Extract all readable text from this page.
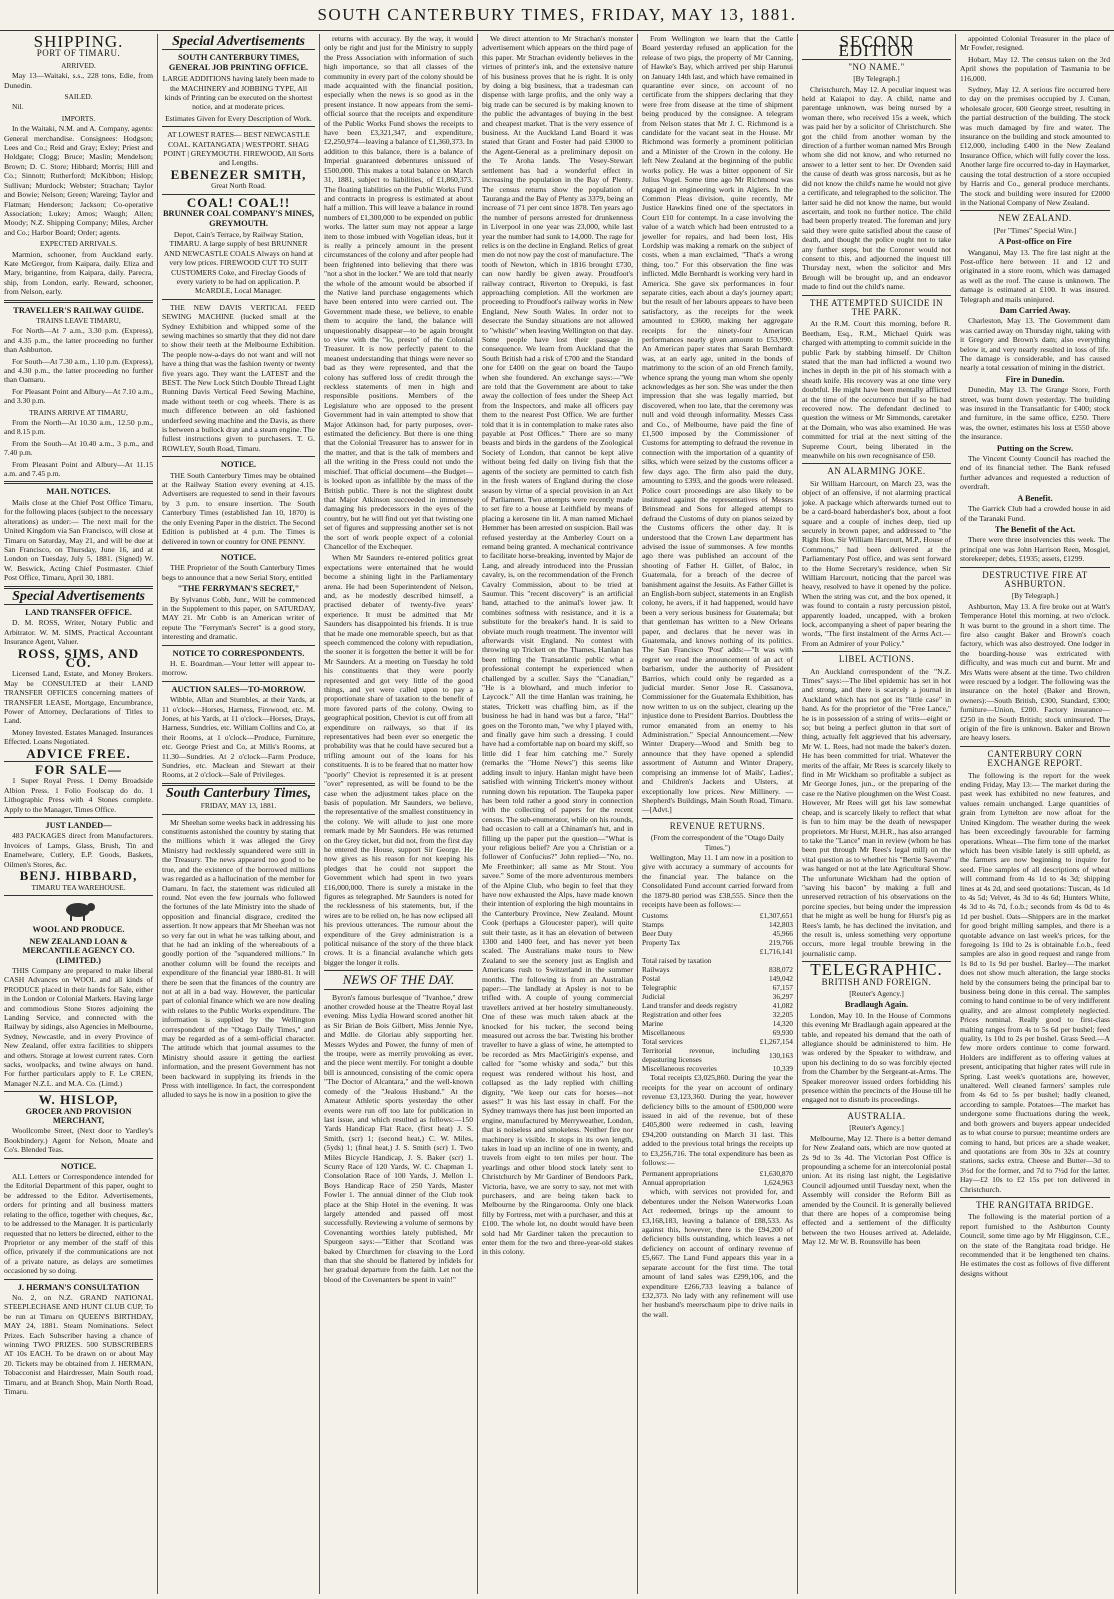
SOUTH CANTERBURY TIMES, FRIDAY, MAY 13, 1881.
SHIPPING.
PORT OF TIMARU.
ARRIVED.

May 13—Waitaki, s.s., 228 tons, Edie, from Dunedin.

SAILED.

Nil.

IMPORTS.

In the Waitaki, N.M. and A. Company, agents: General merchandise. Consignees: Hodgson; Lees and Co.; Reid and Gray; Exley; Priest and Holdgate; Clogg; Bruce; Maslin; Mendelson; Brown; D. C. Store; Hibbard; Morris; Hill and Co.; Sinnott; Rutherford; McKibbon; Hislop; Sullivan; Murdock; Webster; Strachan; Taylor and Bowie; Nelson; Green; Wareing; Taylor and Flatman; Henderson; Jackson; Co-operative Association; Lukey; Amos; Waugh; Allen; Moody; N.Z. Shipping Company; Miles, Archer and Co.; Harbor Board; Order; agents.

EXPECTED ARRIVALS.

Marmion, schooner, from Auckland early. Kate McGregor, from Kaipara, daily. Eliza and Mary, brigantine, from Kaipara, daily. Parecra, ship, from London, early. Reward, schooner, from Nelson, early.

TRAVELLER'S RAILWAY GUIDE.
TRAINS LEAVE TIMARU,

For North—At 7 a.m., 3.30 p.m. (Express), and 4.35 p.m., the latter proceeding no further than Ashburton.

For South—At 7.30 a.m., 1.10 p.m. (Express), and 4.30 p.m., the latter proceeding no further than Oamaru.

For Pleasant Point and Albury—At 7.10 a.m., and 3.30 p.m.

TRAINS ARRIVE AT TIMARU,

From the North—At 10.30 a.m., 12.50 p.m., and 8.15 p.m.

From the South—At 10.40 a.m., 3 p.m., and 7.40 p.m.

From Pleasant Point and Albury—At 11.15 a.m. and 7.45 p.m.

MAIL NOTICES.

Mails close at the Chief Post Office Timaru, for the following places (subject to the necessary alterations) as under:— The next mail for the United Kingdom via San Francisco, will close at Timaru on Saturday, May 21, and will be due at San Francisco, on Thursday, June 16, and at London on Tuesday, July 5, 1881. (Signed) W. W. Beswick, Acting Chief Postmaster. Chief Post Office, Timaru, April 30, 1881.

Special Advertisements
LAND TRANSFER OFFICE.

D. M. ROSS, Writer, Notary Public and Arbitrator. W. M. SIMS, Practical Accountant Insurance Agent, Valuer.

ROSS, SIMS, AND CO.

Licensed Land, Estate, and Money Brokers. May be CONSULTED at their LAND TRANSFER OFFICES concerning matters of TRANSFER LEASE, Mortgage, Encumbrance, Power of Attorney, Declarations of Titles to Land.

Money Invested. Estates Managed. Insurances Effected. Loans Negotiated.

ADVICE FREE.
FOR SALE—

1 Super Royal Press. 1 Demy Broadside Albion Press. 1 Folio Foolscap do do. 1 Lithographic Press with 4 Stones complete. Apply to the Manager, Times Office.

JUST LANDED—

483 PACKAGES direct from Manufacturers. Invoices of Lamps, Glass, Brush, Tin and Enamelware, Cutlery, E.P. Goods, Baskets, Oilmen's Stores, &c.

BENJ. HIBBARD,
TIMARU TEA WAREHOUSE.
WOOL AND PRODUCE.
NEW ZEALAND LOAN & MERCANTILE AGENCY CO. (LIMITED.)

THIS Company are prepared to make liberal CASH Advances on WOOL and all kinds of PRODUCE placed in their hands for Sale, either in the London or Colonial Markets. Having large and commodious Stone Stores adjoining the Landing Service, and connected with the Railway by sidings, also Agencies in Melbourne, Sydney, Newcastle, and in every Province of New Zealand, offer extra facilities to shippers and others. Storage at lowest current rates. Corn sacks, woolpacks, and twine always on hand. For further particulars apply to F. Le CREN, Manager N.Z.L. and M.A. Co. (Limd.)

W. HISLOP,
GROCER AND PROVISION MERCHANT,

Woollcombe Street, (Next door to Yardley's Bookbindery.) Agent for Nelson, Moate and Co's. Blended Teas.

NOTICE.

ALL Letters or Correspondence intended for the Editorial Department of this paper, ought to be addressed to the Editor. Advertisements, orders for printing and all business matters relating to the office, together with cheques, &c, to be addressed to the Manager. It is particularly requested that no letters be directed, either to the Proprietor or any member of the staff of this office, privately if the communications are not of a private nature, as delays are sometimes occasioned by so doing.

J. HERMAN'S CONSULTATION

No. 2, on N.Z. GRAND NATIONAL STEEPLECHASE AND HUNT CLUB CUP, To be run at Timaru on QUEEN'S BIRTHDAY, MAY 24, 1881. Steam Nominations. Select Prizes. Each Subscriber having a chance of winning TWO PRIZES. 500 SUBSCRIBERS AT 10s EACH. To be drawn on or about May 20. Tickets may be obtained from J. HERMAN, Tobacconist and Hairdresser, Main South road, Timaru, and at Branch Shop, Main North Road, Timaru.

Special Advertisements
SOUTH CANTERBURY TIMES, GENERAL JOB PRINTING OFFICE.

LARGE ADDITIONS having lately been made to the MACHINERY and JOBBING TYPE, All kinds of Printing can be executed on the shortest notice, and at moderate prices.

Estimates Given for Every Description of Work.

AT LOWEST RATES— BEST NEWCASTLE COAL. KAITANGATA | WESTPORT. SHAG POINT | GREYMOUTH. FIREWOOD, All Sorts and Lengths.

EBENEZER SMITH,
Great North Road.
COAL! COAL!!
BRUNNER COAL COMPANY'S MINES, GREYMOUTH.

Depot, Cain's Terrace, by Railway Station, TIMARU. A large supply of best BRUNNER AND NEWCASTLE COALS Always on hand at very low prices. FIREWOOD CUT TO SUIT CUSTOMERS Coke, and Fireclay Goods of every variety to be had on application. P. McARDLE, Local Manager.

THE NEW DAVIS VERTICAL FEED SEWING MACHINE (lucked small at the Sydney Exhibition and whipped some of the sewing machines so smartly that they did not dare to show their teeth at the Melbourne Exhibition. The people now-a-days do not want and will not have a thing that was the fashion twenty or twenty five years ago. They want the LATEST and the BEST. The New Lock Stitch Double Thread Light Running Davis Vertical Feed Sewing Machine, made without teeth or cog wheels. There is as much difference between an old fashioned underfeed sewing machine and the Davis, as there is between a bullock dray and a steam engine. The fullest instructions given to purchasers. T. G. ROWLEY, South Road, Timaru.

NOTICE.

THE South Canterbury Times may be obtained at the Railway Station every evening at 4.15. Advertisers are requested to send in their favours by 3 p.m. to ensure insertion. The South Canterbury Times (established Jan 10, 1870) is the only Evening Paper in the district. The Second Edition is published at 4 p.m. The Times is delivered in town or country for ONE PENNY.

NOTICE.

THE Proprietor of the South Canterbury Times begs to announce that a new Serial Story, entitled

"THE FERRYMAN'S SECRET,"

By Sylvanus Cobb, Junr., Will be commenced in the Supplement to this paper, on SATURDAY, MAY 21. Mr Cobb is an American writer of repute The "Ferryman's Secret" is a good story, interesting and dramatic.

NOTICE TO CORRESPONDENTS.

H. E. Boardman.—Your letter will appear to-morrow.

AUCTION SALES—TO-MORROW.

Wibble, Allan and Stumbles, at their Yards, at 11 o'clock—Horses, Harness, Firewood, etc. M. Jones, at his Yards, at 11 o'clock—Horses, Drays, Harness, Sundries, etc. William Collins and Co, at their Rooms, at 1 o'clock—Produce, Furniture, etc. George Priest and Co, at Mills's Rooms, at 11.30—Sundries. At 2 o'clock—Farm Produce, Sundries, etc. Maclean and Stewart at their Rooms, at 2 o'clock—Sale of Privileges.

South Canterbury Times,
FRIDAY, MAY 13, 1881.

Mr Sheehan some weeks back in addressing his constituents astonished the country by stating that the millions which it was alleged the Grey Ministry had recklessly squandered were still in the Treasury. The news appeared too good to be true, and the existence of the borrowed millions was regarded as a hallucination of the member for Oamaru. In fact, the statement was ridiculed all round. Not even the few journals who followed the fortunes of the late Ministry into the shade of opposition and financial disgrace, credited the assertion. It now appears that Mr Sheehan was not so very far out in what he was talking about, and that he had an inkling of the whereabouts of a goodly portion of the "squandered millions." In another column will be found the receipts and expenditure of the financial year 1880-81. It will there be seen that the finances of the country are not at all in a bad way. However, the particular part of colonial finance which we are now dealing with relates to the Public Works expenditure. The information is supplied by the Wellington correspondent of the "Otago Daily Times," and may be regarded as of a semi-official character. The attitude which that journal assumes to the Ministry should assure it getting the earliest information, and the present Government has not been backward in supplying its friends in the Press with intelligence. In fact, the correspondent alluded to says he is now in a position to give the

returns with accuracy. By the way, it would only be right and just for the Ministry to supply the Press Association with information of such high importance, so that all classes of the community in every part of the colony should be made acquainted with the financial position, especially when the news is so good as in the present instance. It now appears from the semi-official source that the receipts and expenditure of the Public Works Fund shows the receipts to have been £3,321,347, and expenditure, £2,250,974—leaving a balance of £1,360,373. In addition to this balance, there is a balance of Imperial guaranteed debentures unissued of £500,000. This makes a total balance on March 31, 1881, subject to liabilities, of £1,860,373. The floating liabilities on the Public Works Fund and contracts in progress is estimated at about half a million. This will leave a balance in round numbers of £1,300,000 to be expended on public works. The latter sum may not appear a large item to those imbued with Vogelian ideas, but it is really a princely amount in the present circumstances of the colony and after people had been frightened into believing that there was "not a shot in the locker." We are told that nearly the whole of the amount would be absorbed if the Native land purchase engagements which have been entered into were carried out. The Government made these, we believe, to enable them to acquire the land, the balance will unquestionably disappear—to be again brought to view with the "lo, presto" of the Colonial Treasurer. It is now perfectly patent to the meanest understanding that things were never so bad as they were represented, and that the colony has suffered loss of credit through the reckless statements of men in high and responsible positions. Members of the Legislature who are opposed to the present Government had in vain attempted to show that Major Atkinson had, for party purposes, over-estimated the deficiency. But there is one thing that the Colonial Treasurer has to answer for in the matter, and that is the talk of members and all the writing in the Press could not undo the mischief. That official document—the Budget—is looked upon as infallible by the mass of the British public. There is not the slightest doubt that Major Atkinson succeeded in immensely damaging his predecessors in the eyes of the country, but he will find out yet that twisting one set of figures and suppressing another set is not the sort of work people expect of a colonial Chancellor of the Exchequer.

When Mr Saunders re-entered politics great expectations were entertained that he would become a shining light in the Parliamentary arena. He had been Superintendent of Nelson, and, as he modestly described himself, a practised debater of twenty-five years' experience. It must be admitted that Mr Saunders has disappointed his friends. It is true that he made one memorable speech, but as that speech commenced the colony with repudiation, the sooner it is forgotten the better it will be for Mr Saunders. At a meeting on Tuesday he told his constituents that they were poorly represented and got very little of the good things, and yet were called upon to pay a proportionate share of taxation to the benefit of more favored parts of the colony. Owing to geographical position, Cheviot is cut off from all expenditure on railways, so that if its representatives had been ever so energetic the probability was that he could have secured but a trifling amount out of the loans for his constituents. It is to be feared that no matter how "poorly" Cheviot is represented it is at present "over" represented, as will be found to be the case when the adjustment takes place on the basis of population. Mr Saunders, we believe, the representative of the smallest constituency in the colony. We will allude to just one more remark made by Mr Saunders. He was returned on the Grey ticket, but did not, from the first day he entered the House, support Sir George. He now gives as his reason for not keeping his pledges that he could not support the Government which had spent in two years £16,000,000. There is surely a mistake in the figures as telegraphed. Mr Saunders is noted for the recklessness of his statements, but, if the wires are to be relied on, he has now eclipsed all his previous utterances. The rumour about the expenditure of the Grey administration is a political nuisance of the story of the three black crows. It is a financial avalanche which gets bigger the longer it rolls.

NEWS OF THE DAY.

Byron's famous burlesque of "Ivanhoe," drew another crowded house at the Theatre Royal last evening. Miss Lydia Howard scored another hit as Sir Brian de Bois Gilbert, Miss Jennie Nye, and Mdlle. de Gloriau ably supporting her. Messrs Wydes and Power, the funny of men of the troupe, were as merrily provoking as ever, and the piece went merrily. For tonight a double bill is announced, consisting of the comic opera "The Doctor of Alcantara," and the well-known comedy of the "Jealous Husband." At the Amateur Athletic sports yesterday the other events were run off too late for publication in last issue, and which resulted as follows:—150 Yards Handicap Flat Race, (first heat) J. S. Smith, (scr) 1; (second heat,) C. W. Miles, (5yds) 1; (final heat,) J. S. Smith (scr) 1. Two Miles Bicycle Handicap, J. S. Baker (scr) 1. Scurry Race of 120 Yards, W. C. Chapman 1. Consolation Race of 100 Yards, J. Mellon 1. Boys Handicap Race of 250 Yards, Master Fowler 1. The annual dinner of the Club took place at the Ship Hotel in the evening. It was largely attended and passed off most successfully. Reviewing a volume of sermons by Covenanting worthies lately published, Mr Spurgeon says:—"Either that Scotland was baked by Churchmen for cleaving to the Lord than that she should be flattered by infidels for her gradual departure from the faith. Let not the blood of the Covenanters be spent in vain!"

We direct attention to Mr Strachan's monster advertisement which appears on the third page of this paper. Mr Strachan evidently believes in the virtues of printer's ink, and the extensive nature of his business proves that he is right. It is only by doing a big business, that a tradesman can dispense with large profits, and the only way a big trade can be secured is by making known to the public the advantages of buying in the best and cheapest market. That is the very essence of business. At the Auckland Land Board it was stated that Grant and Foster had paid £3000 to the Agent-General as a preliminary deposit on the Te Aroha lands. The Vesey-Stewart settlement has had a wonderful effect in increasing the population in the Bay of Plenty. The census returns show the population of Tauranga and the Bay of Plenty as 3379, being an increase of 71 per cent since 1878. Ten years ago the number of persons arrested for drunkenness in Liverpool in one year was 23,000, while last year the number had sunk to 14,000. The rage for relics is on the decline in England. Relics of great men do not now pay the cost of manufacture. The tooth of Newton, which in 1816 brought £730, can now hardly be given away. Proudfoot's railway contract, Riverton to Orepuki, is fast approaching completion. All the workmen are proceeding to Proudfoot's railway works in New England, New South Wales. In order not to desecrate the Sunday situations are not allowed to "whistle" when leaving Wellington on that day. Some people have lost their passage in consequence. We learn from Auckland that the South British had a risk of £700 and the Standard one for £400 on the gear on board the Taupo when she foundered. An exchange says:—"We are told that the Government are about to take away the collection of fees under the Sheep Act from the Inspectors, and make all officers pay them to the nearest Post Office. We are further told that it is in contemplation to make rates also payable at Post Offices." There are so many beasts and birds in the gardens of the Zoological Society of London, that cannot be kept alive without being fed daily on living fish that the agents of the society are permitted to catch fish in the fresh waters of England during the close season by virtue of a special provision in an Act of Parliament. Two attempts were recently made to set fire to a house at Leithfield by means of placing a kerosene tin lit. A man named Michael Hemmer has been arrested on suspicion. Bail was refused yesterday at the Amberley Court on a remand being granted. A mechanical contrivance to facilitate horse-breaking, invented by Major de Lang, and already introduced into the Prussian cavalry, is, on the recommendation of the French Cavalry Commission, about to be tried at Saumur. This "recent discovery" is an artificial hand, attached to the animal's lower jaw. It combines softness with resistance, and it is a substitute for the breaker's hand. It is said to obviate much rough treatment. The inventor will afterwards visit England. No contest with throwing up Trickett on the Thames, Hanlan has been telling the Transatlantic public what a professional contempt he experienced when challenged by a sculler. Says the "Canadian," "He is a blowhard, and much inferior to Laycock." All the time Hanlan was training, he states, Trickett was chaffing him, as if the business he had in hand was but a farce, "Ha!" goes on the Toronto man, "we why I played with, and finally gave him such a dressing. I could have had a comfortable nap on board my skiff, so little did I fear him catching me." Surely (remarks the "Home News") this seems like adding insult to injury. Hanlan might have been satisfied with winning Trickett's money without running down his reputation. The Taupeka paper has been told rather a good story in connection with the collecting of papers for the recent census. The sub-enumerator, while on his rounds, had occasion to call at a Chinaman's hut, and in filling up the paper put the question—"What is your religious belief? Are you a Christian or a follower of Confucius?" John replied—"No, no. Me Freethinker; all same as Mr Stout. You savee." Some of the more adventurous members of the Alpine Club, who begin to feel that they have now exhausted the Alps, have made known their intention of exploring the high mountains in the Canterbury Province, New Zealand. Mount Cook (perhaps a Gloucester paper), will quite suit their taste, as it has an elevation of between 1300 and 1400 feet, and has never yet been scaled. The Australians make tours to New Zealand to see the scenery just as English and Americans rush to Switzerland in the summer months. The following is from an Australian paper:—The landlady at Apsley is not to be trifled with. A couple of young commercial travellers arrived at her hostelry simultaneously. One of these was much taken aback at the knocked for his tucker, the second being measured out across the bar. Twisting his brother traveller to have a glass of wine, he attempted to be recorded as Mrs MacGirigin's expense, and called for "some whisky and soda," but this request was rendered without his host, and collapsed as the lady replied with chilling dignity, "We keep our cats for horses—not asses!" It was his last essay in chaff. For the Sydney tramways there has just been imported an engine, manufactured by Merryweather, London, that is noiseless and smokeless. Neither fire nor machinery is visible. It stops in its own length, takes in load up an incline of one in twenty, and travels from eight to ten miles per hour. The yearlings and other blood stock lately sent to Christchurch by Mr Gardiner of Bendoors Park, Victoria, have, we are sorry to say, not met with purchasers, and are being taken back to Melbourne by the Ringarooma. Only one black filly by Fortress, met with a purchaser, and this at £100. The whole lot, no doubt would have been sold had Mr Gardiner taken the precaution to enter them for the two and three-year-old stakes in this colony.

From Wellington we learn that the Cattle Board yesterday refused an application for the release of two pigs, the property of Mr Canning, of Hawke's Bay, which arrived per ship Harunui on January 14th last, and which have remained in quarantine ever since, on account of no certificate from the shippers declaring that they were free from disease at the time of shipment being produced by the consignee. A telegram from Nelson states that Mr J. C. Richmond is a candidate for the vacant seat in the House. Mr Richmond was formerly a prominent politician and a Minister of the Crown in the colony. He left New Zealand at the beginning of the public works policy. He was a bitter opponent of Sir Julius Vogel. Some time ago Mr Richmond was engaged in engineering work in Algiers. In the Common Pleas division, quite recently, Mr Justice Hawkins fined one of the spectators in Court £10 for contempt. In a case involving the value of a watch which had been entrusted to a jeweller for repairs, and had been lost, His Lordship was making a remark on the subject of costs, when a man exclaimed, "That's a wrong thing, too." For this observation the fine was inflicted. Mdle Bernhardt is working very hard in America. She gave six performances in four separate cities, each about a day's journey apart; but the result of her labours appears to have been satisfactory, as the receipts for the week amounted to £3600, making her aggregate receipts for the ninety-four American performances nearly given amount to £53,990. An American paper states that Sarah Bernhardt was, at an early age, united in the bonds of matrimony to the scion of an old French family, whence sprang the young man whom she openly acknowledges as her son. She was under the then impression that she was legally married, but discovered, when too late, that the ceremony was null and void through informality. Messrs Cass and Co., of Melbourne, have paid the fine of £1,500 imposed by the Commissioner of Customs for attempting to defraud the revenue in connection with the importation of a quantity of silks, which were seized by the customs officer a few days ago. The firm also paid the duty, amounting to £393, and the goods were released. Police court proceedings are also likely to be instituted against the representatives of Messrs Brinsmead and Sons for alleged attempt to defraud the Customs of duty on pianos seized by the Customs officers the other day. It is understood that the Crown Law department has advised the issue of summonses. A few months ago there was published an account of the shooting of Father H. Gillet, of Baloc, in Guatemala, for a breach of the decree of banishment against the Jesuits. As Father Gillet is an English-born subject, statements in an English colony, he avers, if it had happened, would have been a very serious business for Guatemala; but that gentleman has written to a New Orleans paper, and declares that he never was in Guatemala, and knows nothing of its politics. The San Francisco 'Post' adds:—"It was with regret we read the announcement of an act of barbarism, under the authority of President Barrios, which could only be regarded as a judicial murder. Senor Jose R. Cassanova, Commissioner for the Guatemala Exhibition, has now written to us on the subject, clearing up the injustice done to President Barrios. Doubtless the rumor emanated from an enemy to his Administration." Special Announcement.—New Winter Drapery—Wood and Smith beg to announce that they have opened a splendid assortment of Autumn and Winter Drapery, comprising an immense lot of Mails', Ladies', and Children's Jackets and Ulsters, at exceptionally low prices. New Millinery. —Shepherd's Buildings, Main South Road, Timaru.—[Advt.]

REVENUE RETURNS.
(From the correspondent of the "Otago Daily Times.")

Wellington, May 11. I am now in a position to give with accuracy a summary of accounts for the financial year. The balance on the Consolidated Fund account carried forward from the 1879-80 period was £38,555. Since then the receipts have been as follows:—

Customs	£1,307,651
Stamps	142,803
Beer Duty	45,966
Property Tax	219,766
	£1,716,141
Total raised by taxation	
Railways	838,072
Postal	149,042
Telegraphic	67,157
Judicial	36,297
Land transfer and deeds registry	41,082
Registration and other fees	32,205
Marine	14,320
Miscellaneous	69,930
Total services	£1,267,154
Territorial revenue, including depasturing licenses	130,163
Miscellaneous recoveries	10,339

Total receipts £3,025,860. During the year the receipts for the year on account of ordinary revenue £3,123,360. During the year, however deficiency bills to the amount of £500,000 were issued in aid of the revenue, but of these £405,800 were redeemed in cash, leaving £94,200 outstanding on March 31 last. This added to the previous total brings the receipts up to £3,256,716. The total expenditure has been as follows:—

Permanent appropriations	£1,630,870
Annual appropriation	1,624,963

which, with services not provided for, and debentures under the Nelson Waterworks Loan Act redeemed, brings up the amount to £3,168,183, leaving a balance of £88,533. As against this, however, there is the £94,200 of deficiency bills outstanding, which leaves a net deficiency on account of ordinary revenue of £5,667. The Land Fund appears this year in a separate account for the first time. The total amount of land sales was £299,106, and the expenditure £266,733 leaving a balance of £32,373. No lady with any refinement will use her husband's meerschaum pipe to drive nails in the wall.

SECOND EDITION
"NO NAME."
[By Telegraph.]

Christchurch, May 12. A peculiar inquest was held at Kaiapoi to day. A child, name and parentage unknown, was being nursed by a woman there, who received 15s a week, which was paid her by a solicitor of Christchurch. She got the child from another woman by the direction of a further woman named Mrs Brough whom she did not know, and who returned no answer to a letter sent to her. Dr Ovenden said the cause of death was gross narcosis, but as he did not know the child's name he would not give a certificate, and telegraphed to the solicitor. The latter said he did not know the name, but would ascertain, and took no further notice. The child had been properly treated. The foreman and jury said they were quite satisfied about the cause of death, and thought the police ought not to take any further steps, but the Coroner would not consent to this, and adjourned the inquest till Thursday next, when the solicitor and Mrs Brough will be brought up, and an endeavor made to find out the child's name.

THE ATTEMPTED SUICIDE IN THE PARK.

At the R.M. Court this morning, before R. Beetham, Esq., R.M., Michael Quirk was charged with attempting to commit suicide in the public Park by stabbing himself. Dr Chilton stated that the man had inflicted a wound two inches in depth in the pit of his stomach with a sheath knife. His recovery was at one time very doubtful. He might have been mentally afflicted at the time of the occurrence but if so he had recovered now. The defendant declined to question the witness or Mr Simmonds, caretaker at the Domain, who was also examined. He was committed for trial at the next sitting of the Supreme Court, being liberated in the meanwhile on his own recognisance of £50.

AN ALARMING JOKE.

Sir William Harcourt, on March 23, was the object of an offensive, if not alarming practical joke. A package which afterwards turned out to be a card-board haberdasher's box, about a foot square and a couple of inches deep, tied up securely in brown paper, and addressed to "the Right Hon. Sir William Harcourt, M.P., House of Commons," had been delivered at the Parliamentary Post office, and was sent forward to the Home Secretary's residence, when Sir William Harcourt, noticing that the parcel was heavy, resolved to have it opened by the police. When the string was cut, and the box opened, it was found to contain a rusty percussion pistol, apparently loaded, uncapped, with a broken lock, accompanying a sheet of paper bearing the words, "The first instalment of the Arms Act.—From an Admirer of your Policy."

LIBEL ACTIONS.

An Auckland correspondent of the "N.Z. Times" says:—The libel epidemic has set in hot and strong, and there is scarcely a journal in Auckland which has not got its "little case" in hand. As for the proprietor of the "Free Lance," he is in possession of a string of writs—eight or so; but being a perfect glutton in that sort of thing, actually felt aggrieved that his adversary, Mr W. L. Rees, had not made the baker's dozen. He has been committed for trial. Whatever the merits of the affair, Mr Rees is scarcely likely to find in Mr Wickham so profitable a subject as Mr George Jones, jun., or the preparing of the case re the Native ploughmen on the West Coast. However, Mr Rees will get his law somewhat cheap, and is scarcely likely to reflect that what is fun to him may be the death of newspaper proprietors. Mr Hurst, M.H.R., has also arranged to take the "Lance" man in review (whom he has been put through Mr Rees's legal mill) on the vital question as to whether his "Bertie Saverna" was hanged or not at the late Agricultural Show. The unfortunate Wickham had the option of "saving his bacon" by making a full and unreserved retraction of his observations on the porcine species, but being under the impression that he might as well be hung for Hurst's pig as Rees's lamb, he has declined the invitation, and the result is, unless something very opportune occurs, more legal trouble brewing in the journalistic camp.

TELEGRAPHIC.
BRITISH AND FOREIGN.
[Reuter's Agency.]
Bradlaugh Again.

London, May 10. In the House of Commons this evening Mr Bradlaugh again appeared at the table, and repeated his demand that the oath of allegiance should be administered to him. He was ordered by the Speaker to withdraw, and upon his declining to do so was forcibly ejected from the Chamber by the Sergeant-at-Arms. The Speaker moreover issued orders forbidding his presence within the precincts of the House till he engaged not to disturb its proceedings.

AUSTRALIA.
[Reuter's Agency.]

Melbourne, May 12. There is a better demand for New Zealand oats, which are now quoted at 2s 9d to 3s 4d. The Victorian Post Office is propounding a scheme for an intercolonial postal union. At its rising last night, the Legislative Council adjourned until Tuesday next, when the Assembly will consider the Reform Bill as amended by the Council. It is generally believed that there are hopes of a compromise being effected and a settlement of the difficulty between the two Houses arrived at. Adelaide, May 12. Mr W. B. Rounsville has been

appointed Colonial Treasurer in the place of Mr Fowler, resigned.

Hobart, May 12. The census taken on the 3rd April shows the population of Tasmania to be 116,000.

Sydney, May 12. A serious fire occurred here to day on the premises occupied by J. Cunan, wholesale grocer, 600 George street, resulting in the partial destruction of the building. The stock was much damaged by fire and water. The insurance on the building and stock amounted to £12,000, including £400 in the New Zealand Insurance Office, which will fully cover the loss. Another large fire occurred to-day in Haymarket, causing the total destruction of a store occupied by Harris and Co., general produce merchants. The stock and building were insured for £2000 in the National Company of New Zealand.

NEW ZEALAND.
[Per "Times" Special Wire.]
A Post-office on Fire

Wanganui, May 13. The fire last night at the Post-office here between 11 and 12 and originated in a store room, which was damaged as well as the roof. The cause is unknown. The damage is estimated at £100. It was insured. Telegraph and mails uninjured.

Dam Carried Away.

Charleston, May 13. The Government dam was carried away on Thursday night, taking with it Gregory and Brown's dam; also everything below it, and very nearly resulted in loss of life. The damage is considerable, and has caused nearly a total cessation of mining in the district.

Fire in Dunedin.

Dunedin, May 13. The Grange Store, Forth street, was burnt down yesterday. The building was insured in the Transatlantic for £400; stock and furniture, in the same office, £250. There was, the owner, estimates his loss at £550 above the insurance.

Putting on the Screw.

The Vincent County Council has reached the end of its financial tether. The Bank refused further advances and requested a reduction of overdraft.

A Benefit.

The Garrick Club had a crowded house in aid of the Taranaki Fund.

The Benefit of the Act.

There were three insolvencies this week. The principal one was John Harrison Reen, Mosgiel, storekeeper; debts, £1935; assets, £1299.

DESTRUCTIVE FIRE AT ASHBURTON.
[By Telegraph.]

Ashburton, May 13. A fire broke out at Watt's Temperance Hotel this morning, at two o'clock. It was burnt to the ground in a short time. The fire also caught Baker and Brown's coach factory, which was also destroyed. One lodger in the boarding-house was extricated with difficulty, and was much cut and burnt. Mr and Mrs Watts were absent at the time. Two children were rescued by a lodger. The following was the insurance on the hotel (Baker and Brown, owners):—South British, £300, Standard, £300; furniture—Union, £200. Factory insurance—£250 in the South British; stock uninsured. The origin of the fire is unknown. Baker and Brown are heavy losers.

CANTERBURY CORN EXCHANGE REPORT.

The following is the report for the week ending Friday, May 13:— The market during the past week has exhibited no new features, and values remain unchanged. Large quantities of grain from Lyttelton are now afloat for the United Kingdom. The weather during the week has been exceedingly favourable for farming operations. Wheat—The firm tone of the market which has been visible lately is still upheld, as the farmers are now beginning to inquire for seed. Fine samples of all descriptions of wheat will command from 4s 1d to 4s 3d; shipping lines at 4s 2d, and seed quotations: Tuscan, 4s 1d to 4s 5d; Velvet, 4s 3d to 4s 6d; Hunters White, 4s 3d to 4s 7d, f.o.b.; seconds from 4s 0d to 4s 1d per bushel. Oats—Shippers are in the market for good bright milling samples, and there is a quotable advance on last week's prices, for the foregoing 1s 10d to 2s is obtainable f.o.b., feed samples are also in good request and range from 1s 8d to 1s 9d per bushel. Barley—The market does not show much alteration, the large stocks held by the consumers being the principal bar to business being done in this cereal. The samples coming to hand continue to be of very indifferent quality, and are almost completely neglected. Prices nominal. Really good to first-class malting ranges from 4s to 5s 6d per bushel; feed quality, 1s 10d to 2s per bushel. Grass Seed.—A few more orders continue to come forward. Holders are indifferent as to offering values at present, anticipating that higher rates will rule in Spring. Last week's quotations are, however, unaltered. Well cleaned farmers' samples rule from 4s 6d to 5s per bushel; badly cleaned, according to sample. Potatoes—The market has undergone some fluctuations during the week, and both growers and buyers appear undecided as to what course to pursue; meantime orders are coming to hand, but prices are a shade weaker, and quotations are from 30s to 32s at country stations, sacks extra. Cheese and Butter—3d to 3½d for the former, and 7d to 7½d for the latter. Hay—£2 10s to £2 15s per ton delivered in Christchurch.

THE RANGITATA BRIDGE.

The following is the material portion of a report furnished to the Ashburton County Council, some time ago by Mr Higginson, C.E., on the state of the Rangitata road bridge. He recommended that it be lengthened ten chains. He estimates the cost as follows of five different designs without
